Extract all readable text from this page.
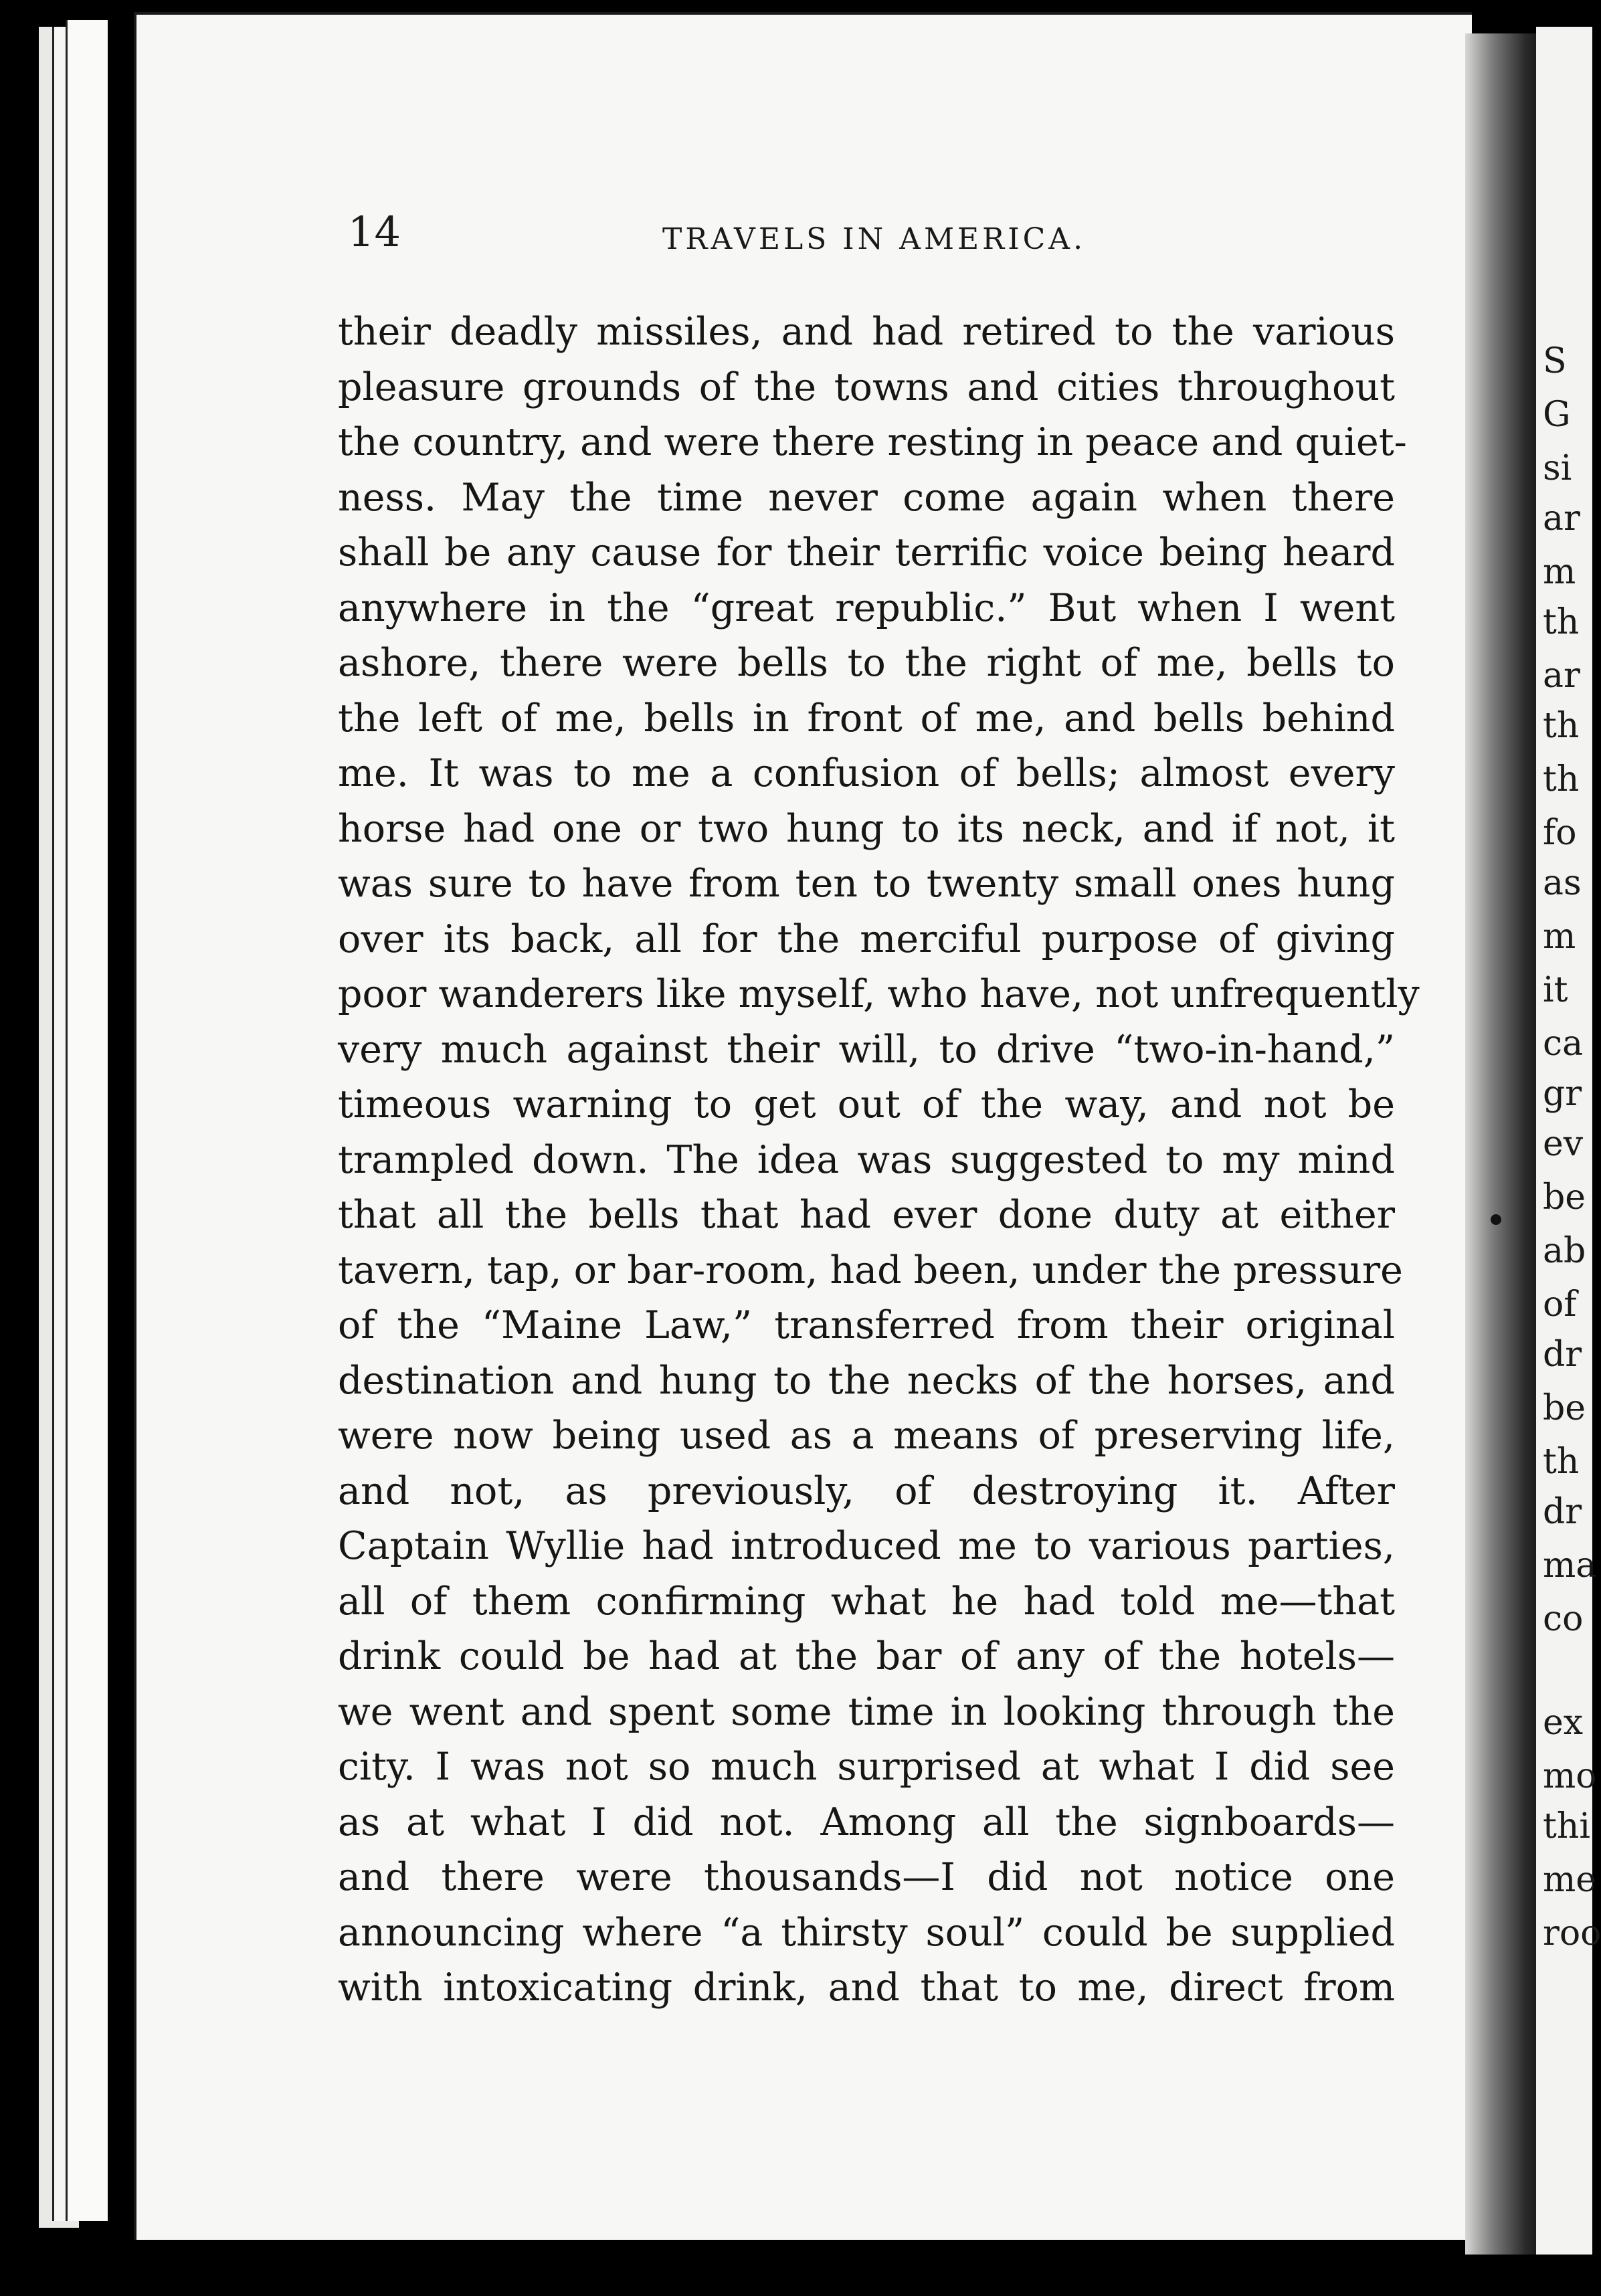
14	TRAVELS IN AMERICA.
their deadly missiles, and had retired to the various
pleasure grounds of the towns and cities throughout
the country, and were there resting in peace and quiet-
ness. May the time never come again when there
shall be any cause for their terrific voice being heard
anywhere in the “great republic.” But when I went
ashore, there were bells to the right of me, bells to
the left of me, bells in front of me, and bells behind
me. It was to me a confusion of bells; almost every
horse had one or two hung to its neck, and if not, it
was sure to have from ten to twenty small ones hung
over its back, all for the merciful purpose of giving
poor wanderers like myself, who have, not unfrequently
very much against their will, to drive “two-in-hand,”
timeous warning to get out of the way, and not be
trampled down. The idea was suggested to my mind
that all the bells that had ever done duty at either
tavern, tap, or bar-room, had been, under the pressure
of the “Maine Law,” transferred from their original
destination and hung to the necks of the horses, and
were now being used as a means of preserving life,
and not, as previously, of destroying it. After
Captain Wyllie had introduced me to various parties,
all of them confirming what he had told me—that
drink could be had at the bar of any of the hotels—
we went and spent some time in looking through the
city. I was not so much surprised at what I did see
as at what I did not. Among all the signboards—
and there were thousands—I did not notice one
announcing where “a thirsty soul” could be supplied
with intoxicating drink, and that to me, direct from
S
G
si
ar
m
th
ar
th
th
fo
as
m
it
ca
gr
ev
be
ab
of
dr
be
th
dr
ma
co
ex
mo
thi
me
roo
